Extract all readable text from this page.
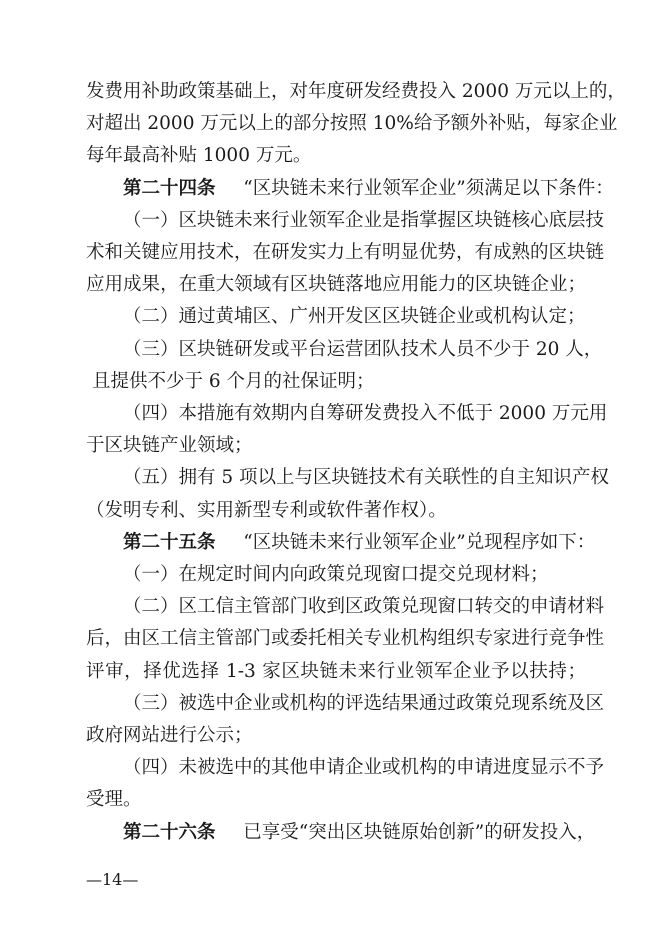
发费用补助政策基础上，对年度研发经费投入 2000 万元以上的，
对超出 2000 万元以上的部分按照 10%给予额外补贴，每家企业
每年最高补贴 1000 万元。
第二十四条 “区块链未来行业领军企业”须满足以下条件：
（一）区块链未来行业领军企业是指掌握区块链核心底层技
术和关键应用技术，在研发实力上有明显优势，有成熟的区块链
应用成果，在重大领域有区块链落地应用能力的区块链企业；
（二）通过黄埔区、广州开发区区块链企业或机构认定；
（三）区块链研发或平台运营团队技术人员不少于 20 人，
且提供不少于 6 个月的社保证明；
（四）本措施有效期内自筹研发费投入不低于 2000 万元用
于区块链产业领域；
（五）拥有 5 项以上与区块链技术有关联性的自主知识产权
（发明专利、实用新型专利或软件著作权）。
第二十五条 “区块链未来行业领军企业”兑现程序如下：
（一）在规定时间内向政策兑现窗口提交兑现材料；
（二）区工信主管部门收到区政策兑现窗口转交的申请材料
后，由区工信主管部门或委托相关专业机构组织专家进行竞争性
评审，择优选择 1-3 家区块链未来行业领军企业予以扶持；
（三）被选中企业或机构的评选结果通过政策兑现系统及区
政府网站进行公示；
—14—
（四）未被选中的其他申请企业或机构的申请进度显示不予
受理。
第二十六条 已享受“突出区块链原始创新”的研发投入，
